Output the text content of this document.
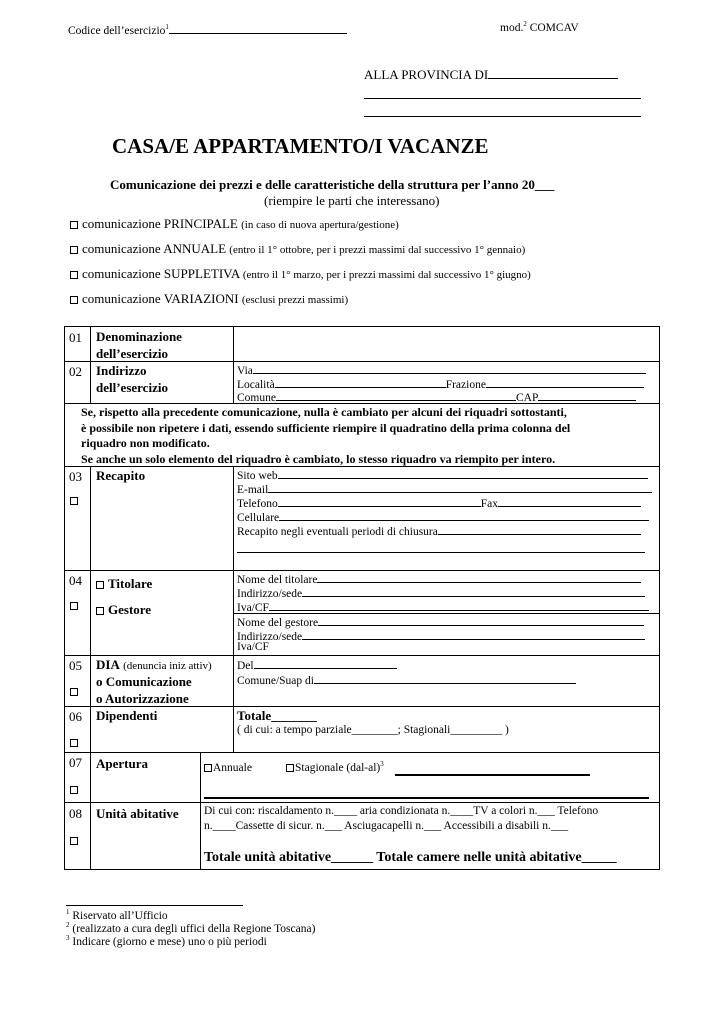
Codice dell’esercizio$^1$	mod.$^2$ COMCAV
ALLA PROVINCIA DI
CASA/E APPARTAMENTO/I VACANZE
Comunicazione dei prezzi e delle caratteristiche della struttura per l’anno 20___
(riempire le parti che interessano)
comunicazione PRINCIPALE (in caso di nuova apertura/gestione)
comunicazione ANNUALE (entro il 1° ottobre, per i prezzi massimi dal successivo 1° gennaio)
comunicazione SUPPLETIVA (entro il 1° marzo, per i prezzi massimi dal successivo 1° giugno)
comunicazione VARIAZIONI (esclusi prezzi massimi)
01 Denominazione
dell’esercizio
02 Indirizzo
dell’esercizio
Via
Località	Frazione
Comune	CAP
Se, rispetto alla precedente comunicazione, nulla è cambiato per alcuni dei riquadri sottostanti,
è possibile non ripetere i dati, essendo sufficiente riempire il quadratino della prima colonna del
riquadro non modificato.
Se anche un solo elemento del riquadro è cambiato, lo stesso riquadro va riempito per intero.
03 Recapito	Sito web
E-mail
Telefono	Fax
Cellulare
Recapito negli eventuali periodi di chiusura
04	Titolare
Gestore
Nome del titolare
Indirizzo/sede
Iva/CF
Nome del gestore
Indirizzo/sede
Iva/CF
05 DIA (denuncia iniz attiv)
o Comunicazione
o Autorizzazione
Del
Comune/Suap di
06 Dipendenti	Totale_______
( di cui: a tempo parziale________; Stagionali_________ )
07 Apertura	Annuale	Stagionale $(dal-al)^3$
08 Unità abitative Di cui con: riscaldamento n.____ aria condizionata n.____TV a colori n.___ Telefono
n.____Cassette di sicur. n.___ Asciugacapelli n.___ Accessibili a disabili n.___
Totale unità abitative______ Totale camere nelle unità abitative_____
$^1$ Riservato all’Ufficio
$^2$ (realizzato a cura degli uffici della Regione Toscana)
$^3$ Indicare (giorno e mese) uno o più periodi
